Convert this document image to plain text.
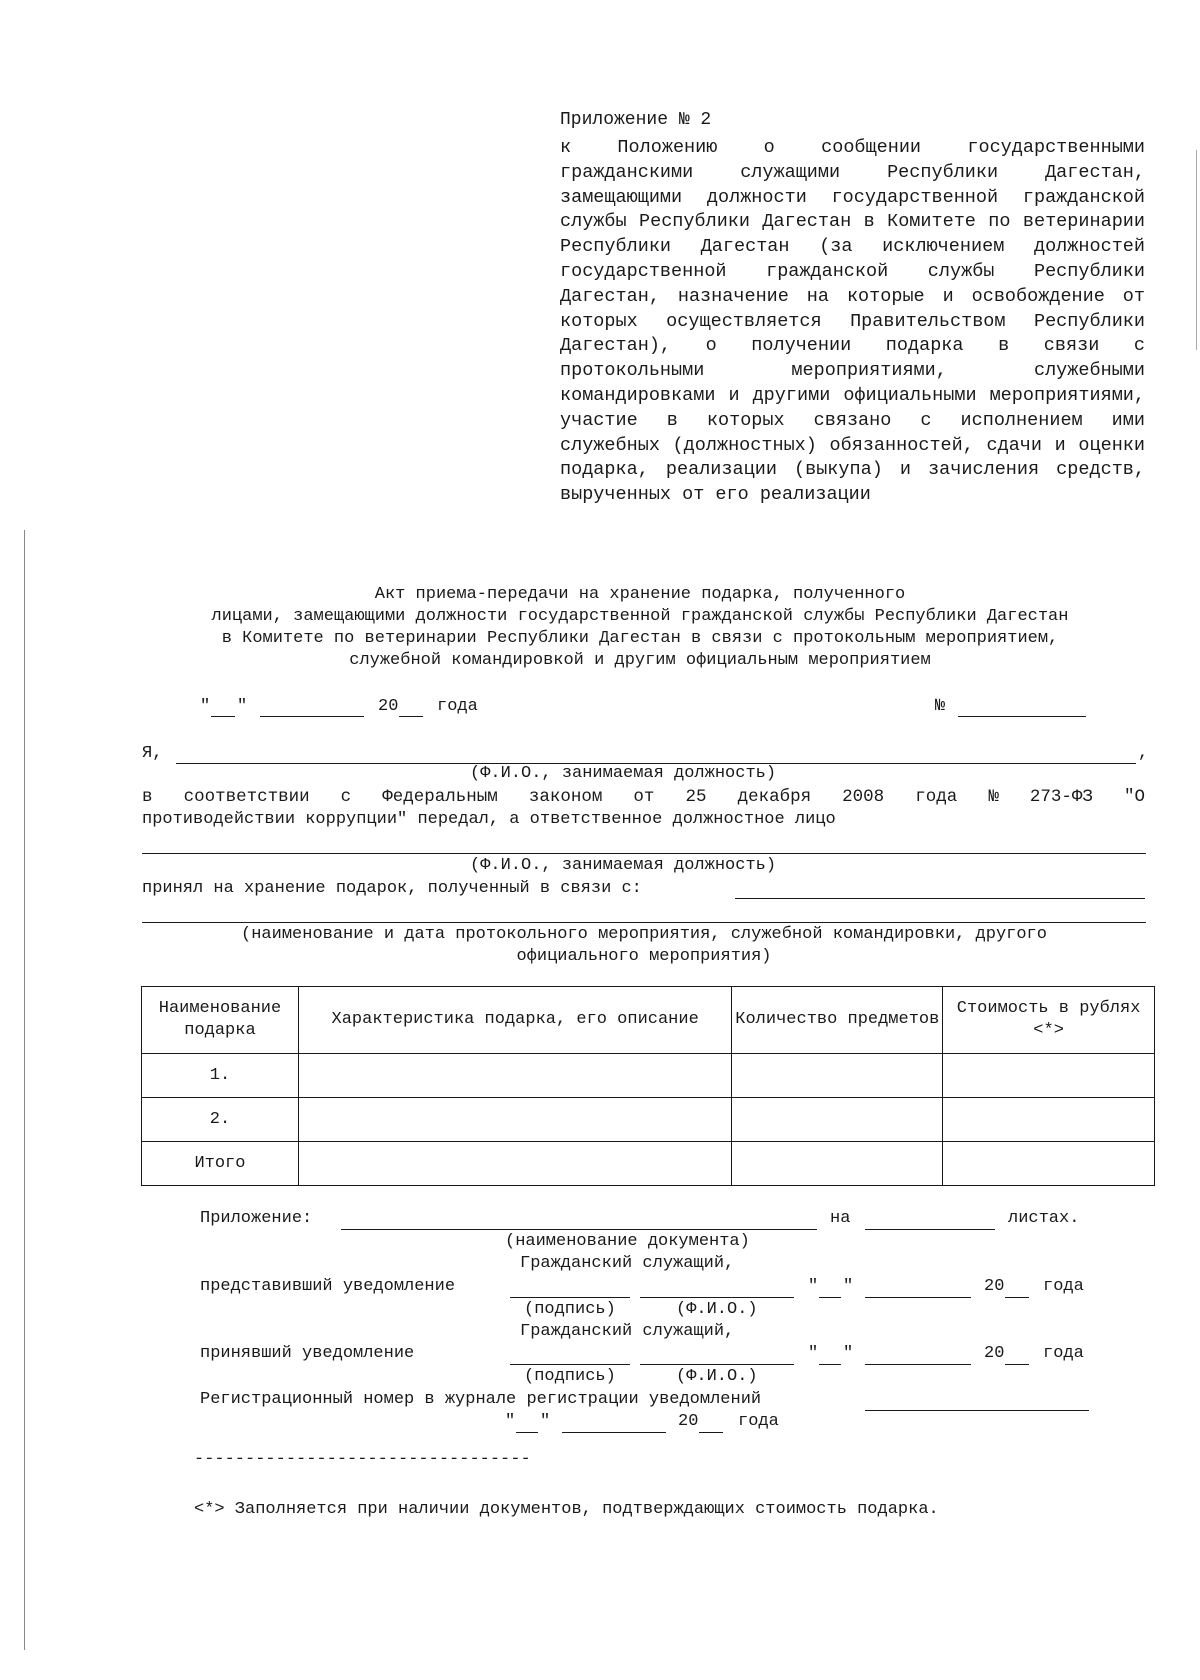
Приложение № 2
к Положению о сообщении государственными гражданскими служащими Республики Дагестан, замещающими должности государственной гражданской службы Республики Дагестан в Комитете по ветеринарии Республики Дагестан (за исключением должностей государственной гражданской службы Республики Дагестан, назначение на которые и освобождение от которых осуществляется Правительством Республики Дагестан), о получении подарка в связи с протокольными мероприятиями, служебными командировками и другими официальными мероприятиями, участие в которых связано с исполнением ими служебных (должностных) обязанностей, сдачи и оценки подарка, реализации (выкупа) и зачисления средств, вырученных от его реализации
Акт приема-передачи на хранение подарка, полученного
лицами, замещающими должности государственной гражданской службы Республики Дагестан
в Комитете по ветеринарии Республики Дагестан в связи с протокольным мероприятием,
служебной командировкой и другим официальным мероприятием
" "	20 года	№
Я,	,
(Ф.И.О., занимаемая должность)
в соответствии с Федеральным законом от 25 декабря 2008 года № 273-ФЗ "О
противодействии коррупции" передал, а ответственное должностное лицо
(Ф.И.О., занимаемая должность)
принял на хранение подарок, полученный в связи с:
(наименование и дата протокольного мероприятия, служебной командировки, другого
официального мероприятия)
Наименование подарка	Характеристика подарка, его описание	Количество предметов	Стоимость в рублях <*>
1.			
2.			
Итого			
Приложение:	на	листах.
(наименование документа)
Гражданский служащий,
представивший уведомление	" "	20 года
(подпись)	(Ф.И.О.)
Гражданский служащий,
принявший уведомление	" "	20 года
(подпись)	(Ф.И.О.)
Регистрационный номер в журнале регистрации уведомлений
" "	20 года
---------------------------------
<*> Заполняется при наличии документов, подтверждающих стоимость подарка.
